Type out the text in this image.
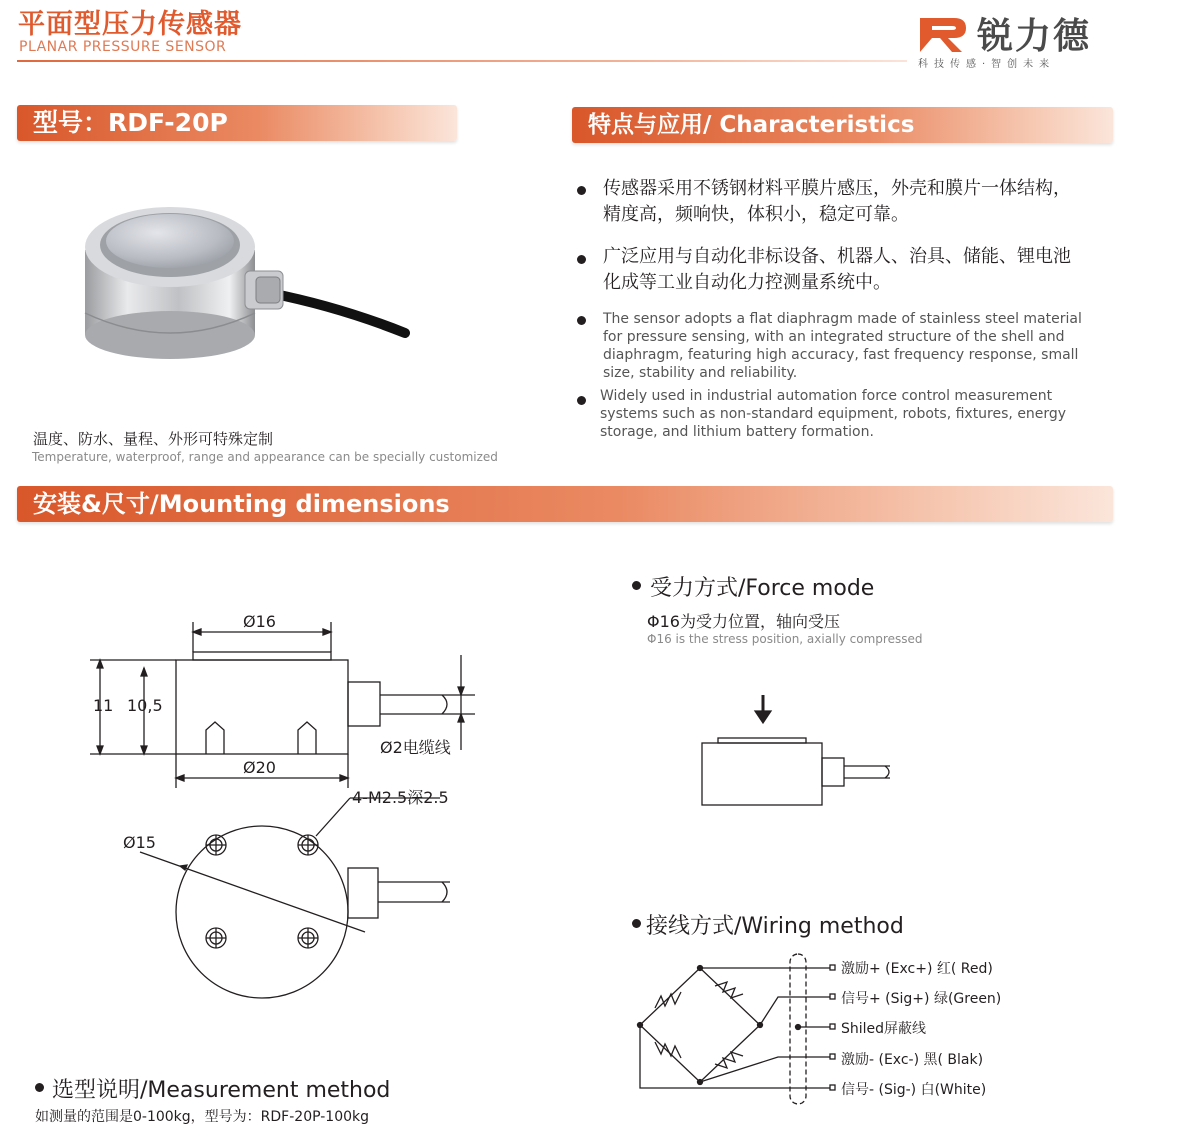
平面型压力传感器
PLANAR PRESSURE SENSOR	锐力德
科技传感·智创未来
型号：RDF-20P	特点与应用/ Characteristics
安装&尺寸/Mounting dimensions
温度、防水、量程、外形可特殊定制
Temperature, waterproof, range and appearance can be specially customized
传感器采用不锈钢材料平膜片感压，外壳和膜片一体结构，精度高，频响快，体积小，稳定可靠。
广泛应用与自动化非标设备、机器人、治具、储能、锂电池化成等工业自动化力控测量系统中。
The sensor adopts a flat diaphragm made of stainless steel material for pressure sensing, with an integrated structure of the shell and diaphragm, featuring high accuracy, fast frequency response, small size, stability and reliability.
Widely used in industrial automation force control measurement systems such as non-standard equipment, robots, fixtures, energy storage, and lithium battery formation.
Ø16
11 10,5
Ø20
Ø2电缆线
4-M2.5深2.5
Ø15
受力方式/Force mode
Φ16为受力位置，轴向受压
Φ16 is the stress position, axially compressed
接线方式/Wiring method
激励+ (Exc+) 红( Red)
信号+ (Sig+) 绿(Green)
Shiled屏蔽线
激励- (Exc-) 黑( Blak)
信号- (Sig-) 白(White)
选型说明/Measurement method
如测量的范围是0-100kg，型号为：RDF-20P-100kg
